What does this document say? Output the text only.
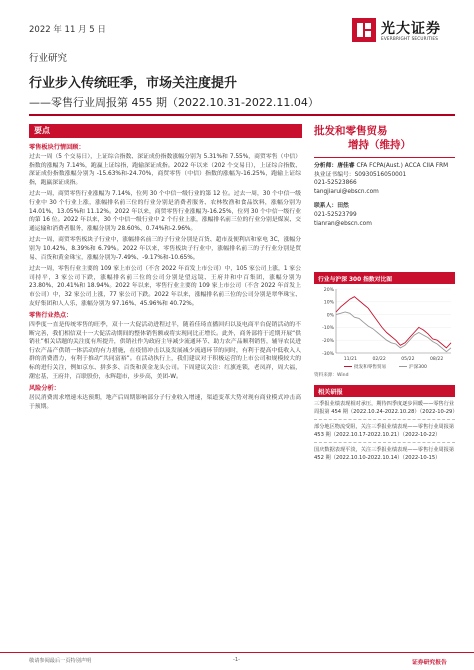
2022 年 11 月 5 日	光大证券
EVERBRIGHT SECURITIES
行业研究
行业步入传统旺季，市场关注度提升
——零售行业周报第 455 期（2022.10.31-2022.11.04）
要点
零售板块行情回顾：

过去一周（5 个交易日），上证综合指数、深证成份指数涨幅分别为 5.31%和 7.55%，商贸零售（中信）指数的涨幅为 7.14%，跑赢上证综指，跑输深证成指。2022 年以来（202 个交易日），上证综合指数、深证成份指数涨幅分别为 -15.63%和-24.70%，商贸零售（中信）指数的涨幅为-16.25%，跑输上证综指，跑赢深证成指。

过去一周，商贸零售行业涨幅为 7.14%，位列 30 个中信一级行业的第 12 位。过去一周，30 个中信一级行业中 30 个行业上涨，涨幅排名前三位的行业分别是消费者服务、农林牧渔和食品饮料，涨幅分别为 14.01%、13.05%和 11.12%。2022 年以来，商贸零售行业涨幅为-16.25%，位列 30 个中信一级行业的第 16 位。2022 年以来，30 个中信一级行业中 2 个行业上涨，涨幅排名前三位的行业分别是煤炭、交通运输和消费者服务，涨幅分别为 28.60%、0.74%和-2.96%。

过去一周，商贸零售板块子行业中，涨幅排名前三的子行业分别是百货、超市及便利店和家电 3C，涨幅分别为 10.42%、8.39%和 6.79%。2022 年以来，零售板块子行业中，涨幅排名前三的子行业分别是贸易、百货和黄金珠宝，涨幅分别为-7.49%、-9.17%和-10.65%。

过去一周，零售行业主要的 109 家上市公司（不含 2022 年首发上市公司）中，105 家公司上涨，1 家公司持平，3 家公司下跌，涨幅排名前三位的公司分别是望远镜、王府井和中百集团，涨幅分别为 23.80%、20.41%和 18.94%。2022 年以来，零售行业主要的 109 家上市公司（不含 2022 年首发上市公司）中，32 家公司上涨，77 家公司下跌。2022 年以来，涨幅排名前三位的公司分别是翠华珠宝、友好集团和人人乐，涨幅分别为 97.16%、45.96%和 40.72%。

零售行业热点：

四季度一直是传统零售的旺季，双十一大促活动进程过半，随着佳琦直播回归以及电商平台促销活动的不断完善，我们相信双十一大促活动期间的整体销售额或将实现同比正增长。此外，商务部将于近期开展“供销社”相关话题的关注度有所提升，供销社作为政府主导减少流通环节、助力农产品顺利销售，辅导农民进行农产品产供销一体活动的有力措施，在疫情冲击以及发展减少流通环节的同时，有利于提高中低收入人群的消费潜力，有利于推动“共同富裕”。在活动执行上，我们建议对于积极运营的上市公司和规模较大的标的进行关注，例如京东、拼多多、百货和黄金龙头公司。下周建议关注：红旗连锁，老凤祥，周大福，潮宏基，王府井，百联股份，永辉超市，步步高，美团-W。

风险分析：

居民消费需求增速未达预期，地产后周期影响部分子行业收入增速，渠道变革大势对现有商业模式冲击高于预期。

批发和零售贸易
增持（维持）
分析师：唐佳睿 CFA FCPA(Aust.) ACCA CIIA FRM
执业证书编号：S0930516050001
021-52523866
tangjiarui@ebscn.com
联系人：田然
021-52523799
tianran@ebscn.com
行业与沪深 300 指数对比图
20%
10%
0%
-10%
-20%
-30%
11/21	02/22	05/22	08/22
批发和零售贸易	沪深300
资料来源：Wind
相关研报
三季报业绩表现相对承压，期待四季度逐步回暖——零售行业周报第 454 期（2022.10.24-2022.10.28）（2022-10-29）
部分地区物流受阻，关注三季报业绩表现——零售行业周报第 453 期（2022.10.17-2022.10.21）（2022-10-22）
国庆数据表现平淡，关注三季报业绩表现——零售行业周报第 452 期（2022.10.10-2022.10.14）（2022-10-15）
敬请参阅最后一页特别声明	-1-	证券研究报告
